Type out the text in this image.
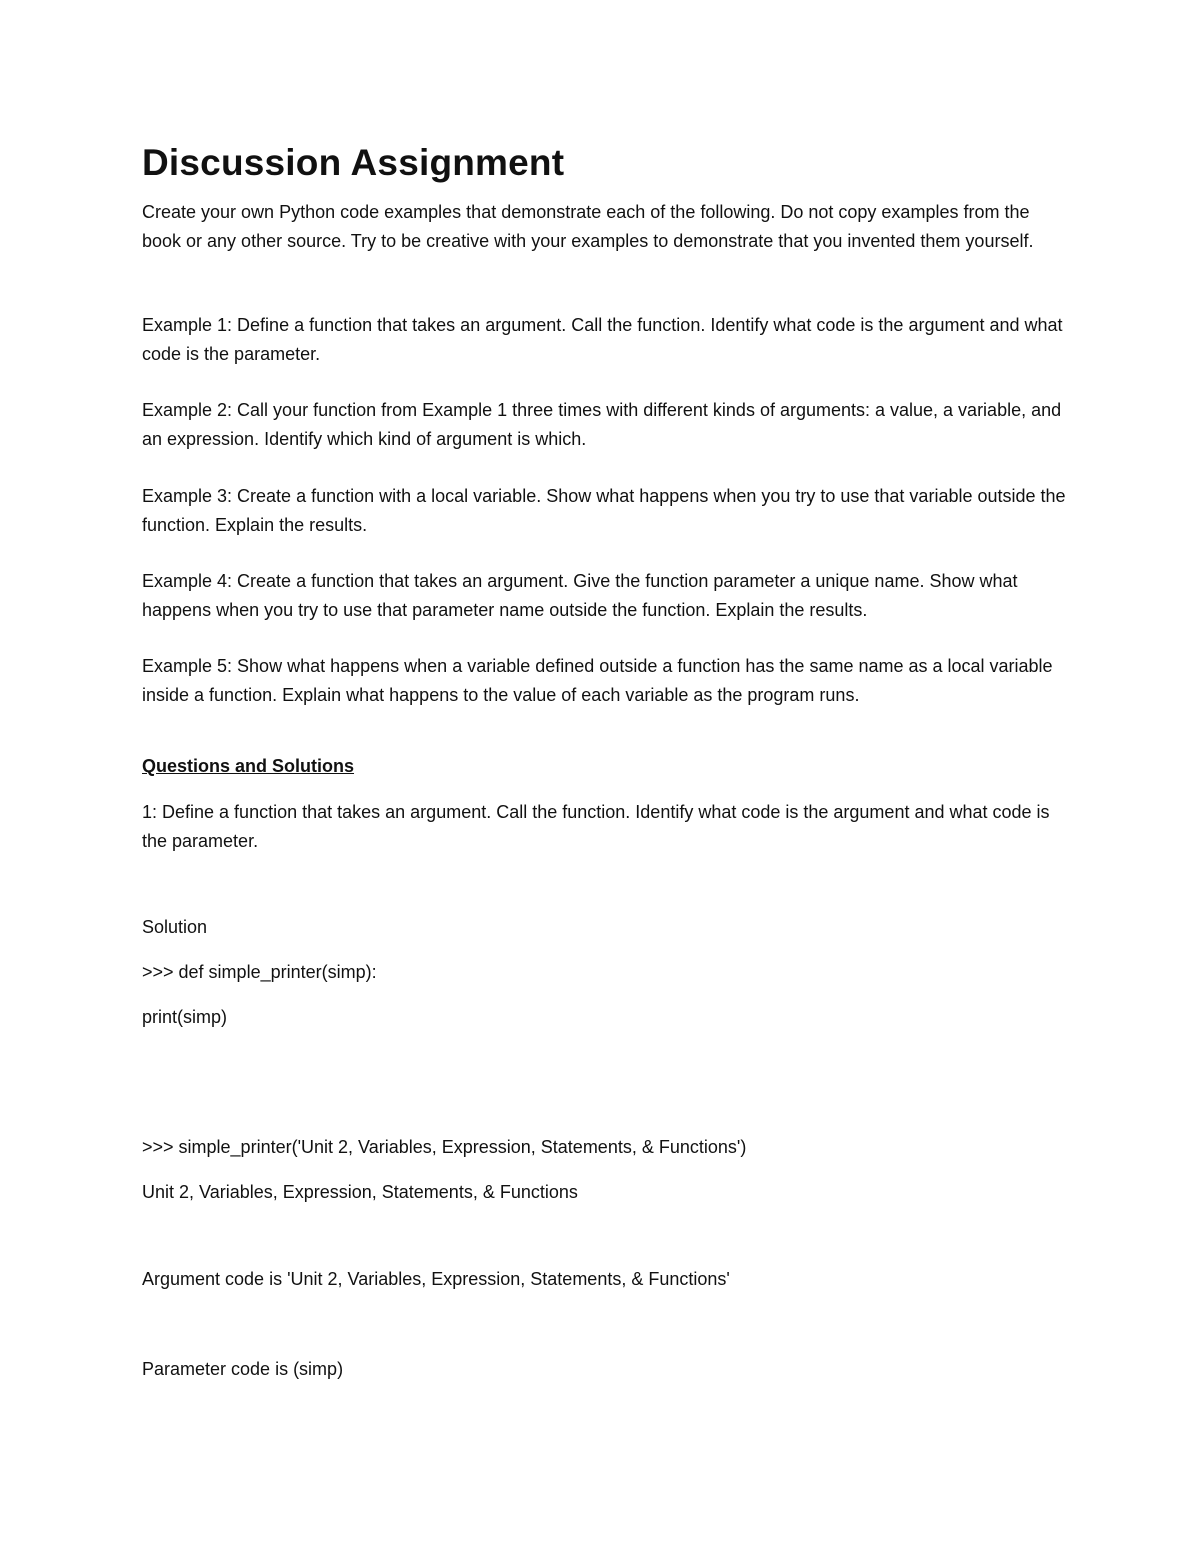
Discussion Assignment

Create your own Python code examples that demonstrate each of the following. Do not copy examples from the book or any other source. Try to be creative with your examples to demonstrate that you invented them yourself.

Example 1: Define a function that takes an argument. Call the function. Identify what code is the argument and what code is the parameter.

Example 2: Call your function from Example 1 three times with different kinds of arguments: a value, a variable, and an expression. Identify which kind of argument is which.

Example 3: Create a function with a local variable. Show what happens when you try to use that variable outside the function. Explain the results.

Example 4: Create a function that takes an argument. Give the function parameter a unique name. Show what happens when you try to use that parameter name outside the function. Explain the results.

Example 5: Show what happens when a variable defined outside a function has the same name as a local variable inside a function. Explain what happens to the value of each variable as the program runs.

Questions and Solutions

1: Define a function that takes an argument. Call the function. Identify what code is the argument and what code is the parameter.

Solution

>>> def simple_printer(simp):

print(simp)

>>> simple_printer('Unit 2, Variables, Expression, Statements, & Functions')

Unit 2, Variables, Expression, Statements, & Functions

Argument code is 'Unit 2, Variables, Expression, Statements, & Functions'

Parameter code is (simp)
